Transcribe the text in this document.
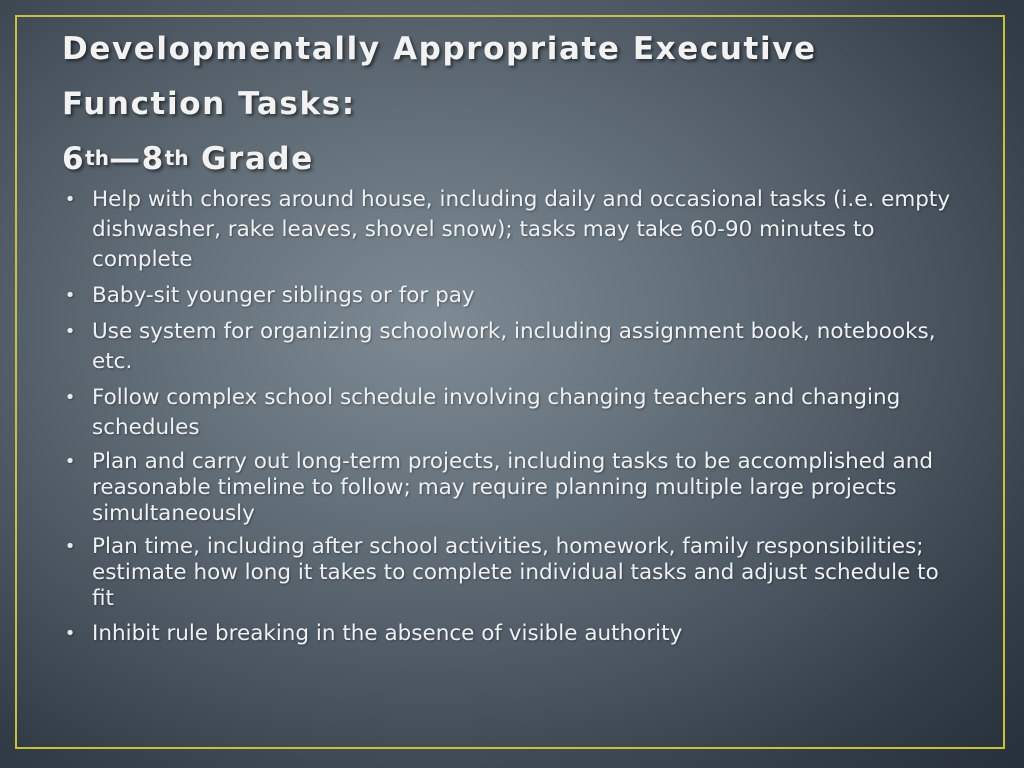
Developmentally Appropriate Executive
Function Tasks:
6th—8th Grade
• Help with chores around house, including daily and occasional tasks (i.e. empty dishwasher, rake leaves, shovel snow); tasks may take 60-90 minutes to complete
• Baby-sit younger siblings or for pay
• Use system for organizing schoolwork, including assignment book, notebooks, etc.
• Follow complex school schedule involving changing teachers and changing schedules
• Plan and carry out long-term projects, including tasks to be accomplished and reasonable timeline to follow; may require planning multiple large projects simultaneously
• Plan time, including after school activities, homework, family responsibilities; estimate how long it takes to complete individual tasks and adjust schedule to fit
• Inhibit rule breaking in the absence of visible authority
